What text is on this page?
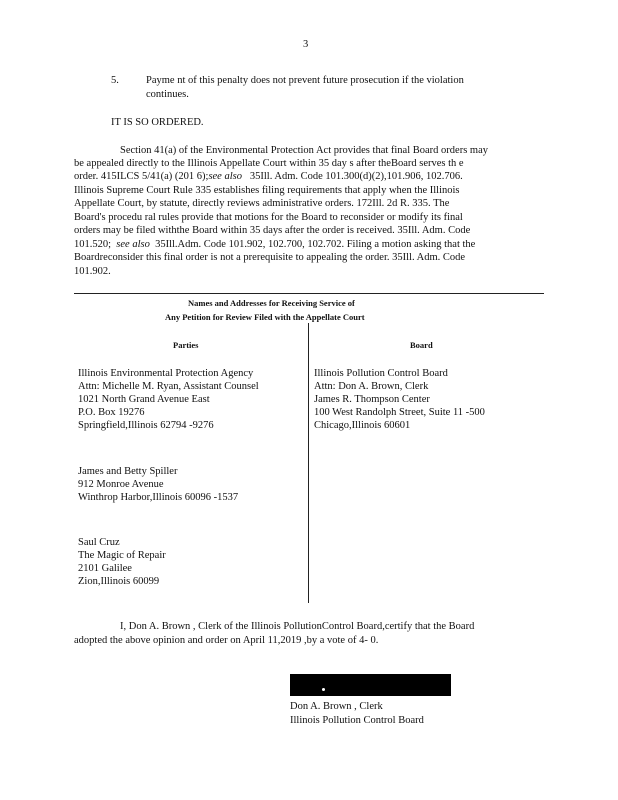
3
5.	Payme nt of this penalty does not prevent future prosecution if the violation
continues.
IT IS SO ORDERED.
Section 41(a) of the Environmental Protection Act provides that final Board orders may
be appealed directly to the Illinois Appellate Court within 35 day s after theBoard serves th e
order. 415ILCS 5/41(a) (201 6);see also 35Ill. Adm. Code 101.300(d)(2),101.906, 102.706.
Illinois Supreme Court Rule 335 establishes filing requirements that apply when the Illinois
Appellate Court, by statute, directly reviews administrative orders. 172Ill. 2d R. 335. The
Board's procedu ral rules provide that motions for the Board to reconsider or modify its final
orders may be filed withthe Board within 35 days after the order is received. 35Ill. Adm. Code
101.520; see also 35Ill.Adm. Code 101.902, 102.700, 102.702. Filing a motion asking that the
Boardreconsider this final order is not a prerequisite to appealing the order. 35Ill. Adm. Code
101.902.
Names and Addresses for Receiving Service of
Any Petition for Review Filed with the Appellate Court
Parties	Board
Illinois Environmental Protection Agency
Attn: Michelle M. Ryan, Assistant Counsel
1021 North Grand Avenue East
P.O. Box 19276
Springfield,Illinois 62794 -9276
James and Betty Spiller
912 Monroe Avenue
Winthrop Harbor,Illinois 60096 -1537
Saul Cruz
The Magic of Repair
2101 Galilee
Zion,Illinois 60099
Illinois Pollution Control Board
Attn: Don A. Brown, Clerk
James R. Thompson Center
100 West Randolph Street, Suite 11 -500
Chicago,Illinois 60601
I, Don A. Brown , Clerk of the Illinois PollutionControl Board,certify that the Board
adopted the above opinion and order on April 11,2019 ,by a vote of 4- 0.
Don A. Brown , Clerk
Illinois Pollution Control Board
